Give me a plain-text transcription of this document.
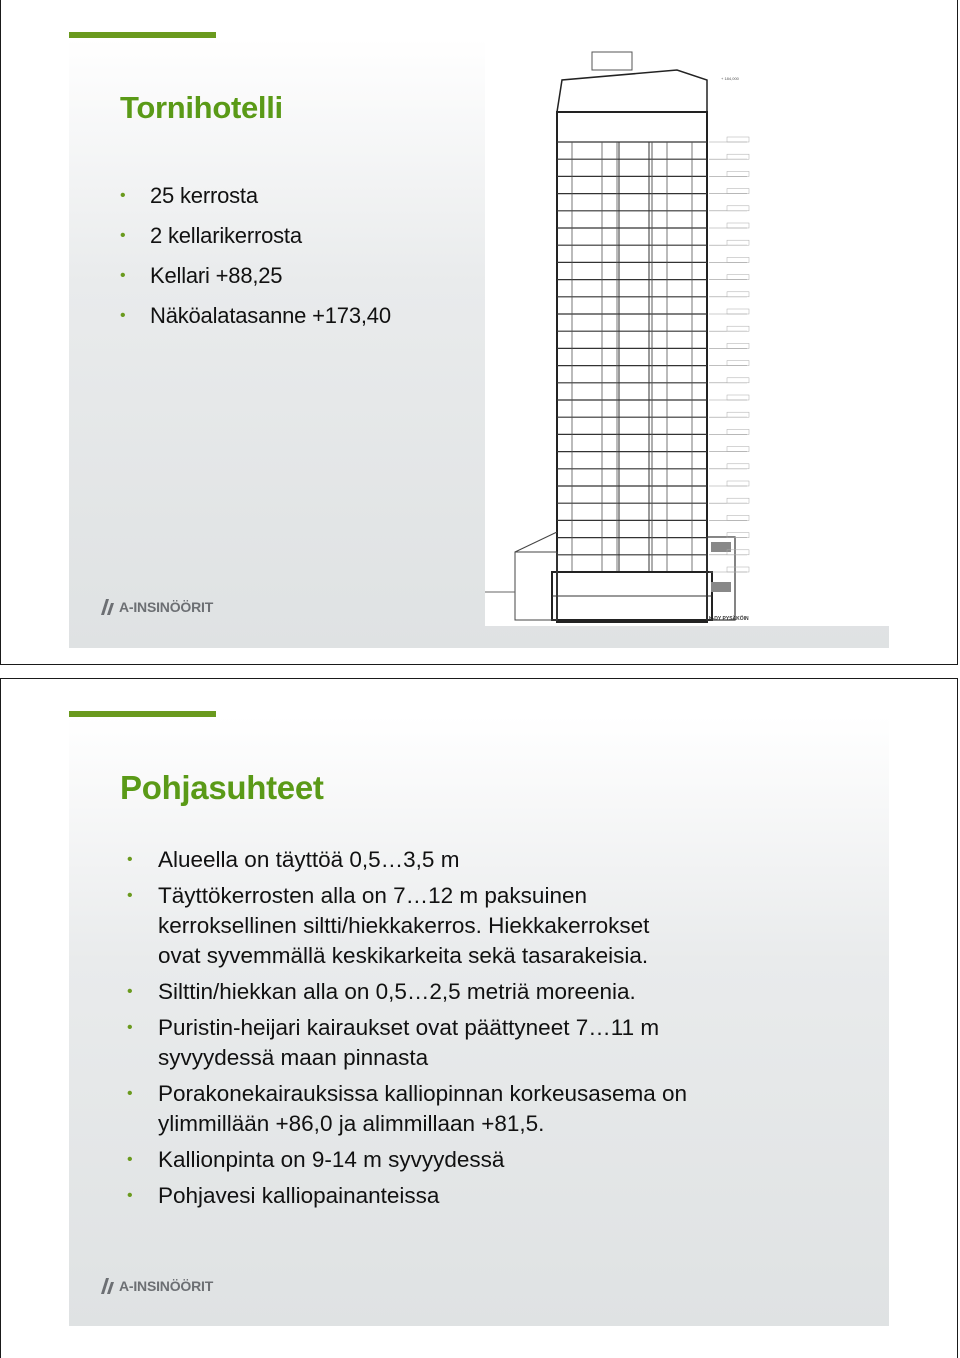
Tornihotelli
• 25 kerrosta
• 2 kellarikerrosta
• Kellari +88,25
• Näköalatasanne +173,40
+ 184,000
K-DY PYSÄKÖIN
A-INSINÖÖRIT
Pohjasuhteet
• Alueella on täyttöä 0,5…3,5 m
• Täyttökerrosten alla on 7…12 m paksuinen
kerroksellinen siltti/hiekkakerros. Hiekkakerrokset
ovat syvemmällä keskikarkeita sekä tasarakeisia.
• Silttin/hiekkan alla on 0,5…2,5 metriä moreenia.
• Puristin-heijari kairaukset ovat päättyneet 7…11 m
syvyydessä maan pinnasta
• Porakonekairauksissa kalliopinnan korkeusasema on
ylimmillään +86,0 ja alimmillaan +81,5.
• Kallionpinta on 9-14 m syvyydessä
• Pohjavesi kalliopainanteissa
A-INSINÖÖRIT
